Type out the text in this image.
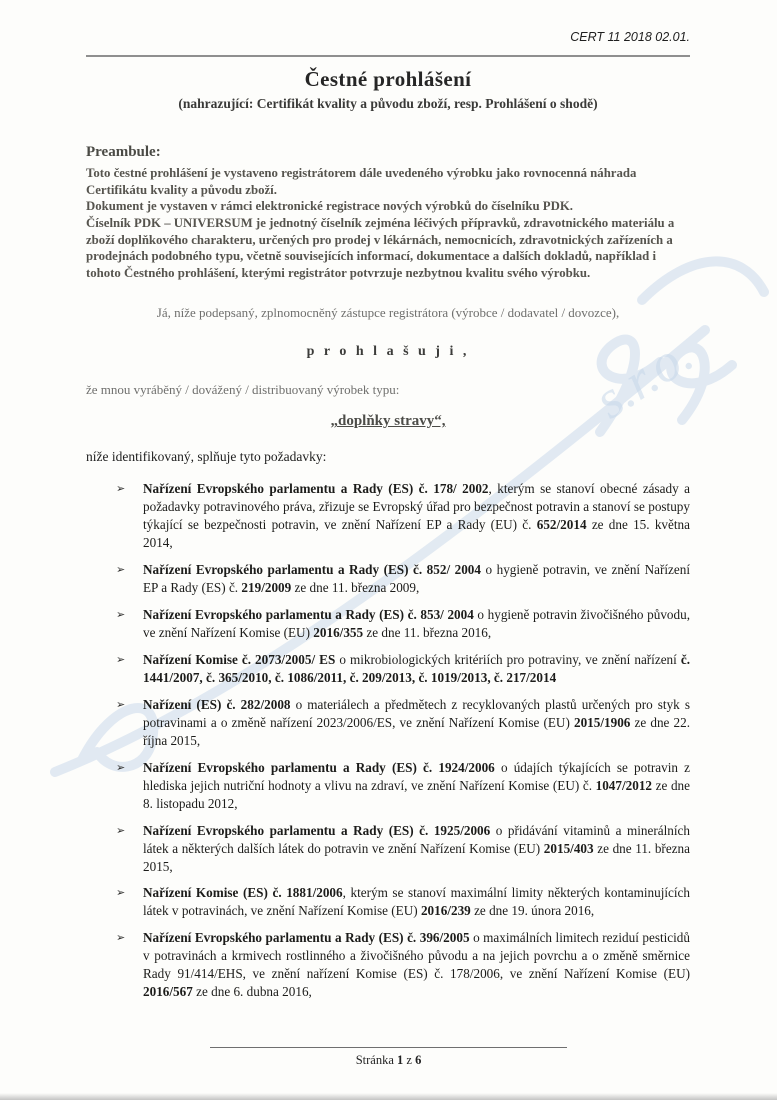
s.r.o.
CERT 11 2018 02.01.
Čestné prohlášení
(nahrazující: Certifikát kvality a původu zboží, resp. Prohlášení o shodě)
Preambule:

Toto čestné prohlášení je vystaveno registrátorem dále uvedeného výrobku jako rovnocenná náhrada Certifikátu kvality a původu zboží.

Dokument je vystaven v rámci elektronické registrace nových výrobků do číselníku PDK.

Číselník PDK – UNIVERSUM je jednotný číselník zejména léčivých přípravků, zdravotnického materiálu a zboží doplňkového charakteru, určených pro prodej v lékárnách, nemocnicích, zdravotnických zařízeních a prodejnách podobného typu, včetně souvisejících informací, dokumentace a dalších dokladů, například i tohoto Čestného prohlášení, kterými registrátor potvrzuje nezbytnou kvalitu svého výrobku.

Já, níže podepsaný, zplnomocněný zástupce registrátora (výrobce / dodavatel / dovozce),

p r o h l a š u j i ,

že mnou vyráběný / dovážený / distribuovaný výrobek typu:

„doplňky stravy“,

níže identifikovaný, splňuje tyto požadavky:

➢	Nařízení Evropského parlamentu a Rady (ES) č. 178/ 2002, kterým se stanoví obecné zásady a požadavky potravinového práva, zřizuje se Evropský úřad pro bezpečnost potravin a stanoví se postupy týkající se bezpečnosti potravin, ve znění Nařízení EP a Rady (EU) č. 652/2014 ze dne 15. května 2014,
➢	Nařízení Evropského parlamentu a Rady (ES) č. 852/ 2004 o hygieně potravin, ve znění Nařízení EP a Rady (ES) č. 219/2009 ze dne 11. března 2009,
➢	Nařízení Evropského parlamentu a Rady (ES) č. 853/ 2004 o hygieně potravin živočišného původu, ve znění Nařízení Komise (EU) 2016/355 ze dne 11. března 2016,
➢	Nařízení Komise č. 2073/2005/ ES o mikrobiologických kritériích pro potraviny, ve znění nařízení č. 1441/2007, č. 365/2010, č. 1086/2011, č. 209/2013, č. 1019/2013, č. 217/2014
➢	Nařízení (ES) č. 282/2008 o materiálech a předmětech z recyklovaných plastů určených pro styk s potravinami a o změně nařízení 2023/2006/ES, ve znění Nařízení Komise (EU) 2015/1906 ze dne 22. října 2015,
➢	Nařízení Evropského parlamentu a Rady (ES) č. 1924/2006 o údajích týkajících se potravin z hlediska jejich nutriční hodnoty a vlivu na zdraví, ve znění Nařízení Komise (EU) č. 1047/2012 ze dne 8. listopadu 2012,
➢	Nařízení Evropského parlamentu a Rady (ES) č. 1925/2006 o přidávání vitaminů a minerálních látek a některých dalších látek do potravin ve znění Nařízení Komise (EU) 2015/403 ze dne 11. března 2015,
➢	Nařízení Komise (ES) č. 1881/2006, kterým se stanoví maximální limity některých kontaminujících látek v potravinách, ve znění Nařízení Komise (EU) 2016/239 ze dne 19. února 2016,
➢	Nařízení Evropského parlamentu a Rady (ES) č. 396/2005 o maximálních limitech reziduí pesticidů v potravinách a krmivech rostlinného a živočišného původu a na jejich povrchu a o změně směrnice Rady 91/414/EHS, ve znění nařízení Komise (ES) č. 178/2006, ve znění Nařízení Komise (EU) 2016/567 ze dne 6. dubna 2016,
Stránka 1 z 6
